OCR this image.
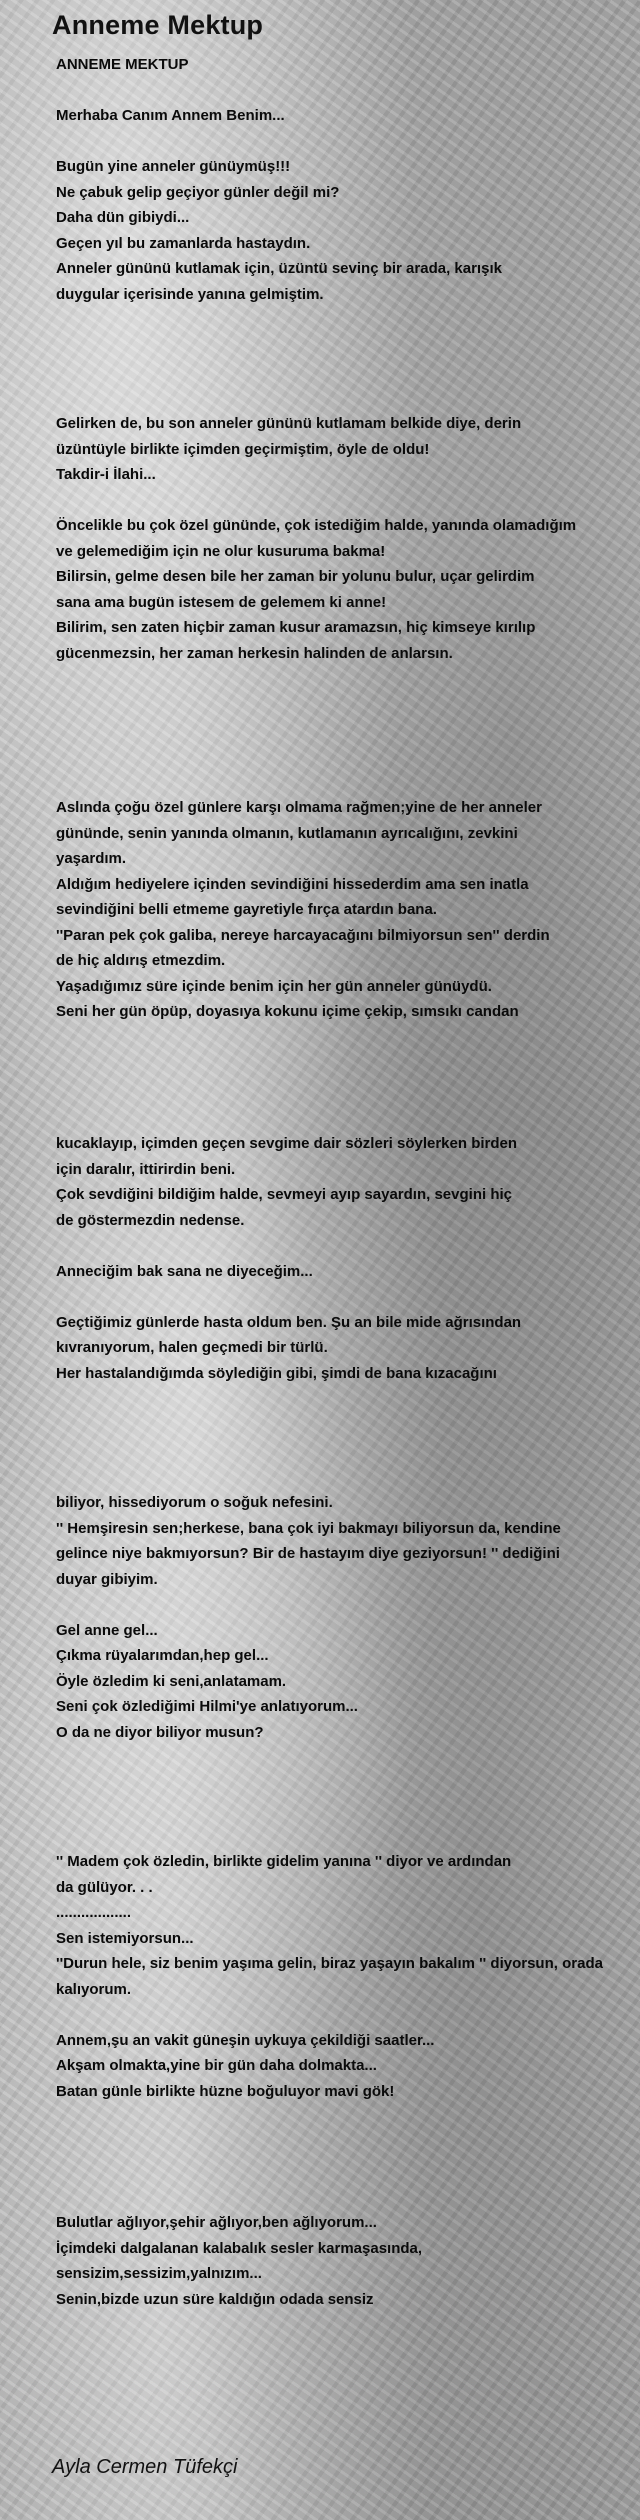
Anneme Mektup
ANNEME MEKTUP
Merhaba Canım Annem Benim...
Bugün yine anneler günüymüş!!!
Ne çabuk gelip geçiyor günler değil mi?
Daha dün gibiydi...
Geçen yıl bu zamanlarda hastaydın.
Anneler gününü kutlamak için, üzüntü sevinç bir arada, karışık
duygular içerisinde yanına gelmiştim.
Gelirken de, bu son anneler gününü kutlamam belkide diye, derin
üzüntüyle birlikte içimden geçirmiştim, öyle de oldu!
Takdir-i İlahi...
Öncelikle bu çok özel gününde, çok istediğim halde, yanında olamadığım
ve gelemediğim için ne olur kusuruma bakma!
Bilirsin, gelme desen bile her zaman bir yolunu bulur, uçar gelirdim
sana ama bugün istesem de gelemem ki anne!
Bilirim, sen zaten hiçbir zaman kusur aramazsın, hiç kimseye kırılıp
gücenmezsin, her zaman herkesin halinden de anlarsın.
Aslında çoğu özel günlere karşı olmama rağmen;yine de her anneler
gününde, senin yanında olmanın, kutlamanın ayrıcalığını, zevkini
yaşardım.
Aldığım hediyelere içinden sevindiğini hissederdim ama sen inatla
sevindiğini belli etmeme gayretiyle fırça atardın bana.
''Paran pek çok galiba, nereye harcayacağını bilmiyorsun sen'' derdin
de hiç aldırış etmezdim.
Yaşadığımız süre içinde benim için her gün anneler günüydü.
Seni her gün öpüp, doyasıya kokunu içime çekip, sımsıkı candan
kucaklayıp, içimden geçen sevgime dair sözleri söylerken birden
için daralır, ittirirdin beni.
Çok sevdiğini bildiğim halde, sevmeyi ayıp sayardın, sevgini hiç
de göstermezdin nedense.
Anneciğim bak sana ne diyeceğim...
Geçtiğimiz günlerde hasta oldum ben. Şu an bile mide ağrısından
kıvranıyorum, halen geçmedi bir türlü.
Her hastalandığımda söylediğin gibi, şimdi de bana kızacağını
biliyor, hissediyorum o soğuk nefesini.
'' Hemşiresin sen;herkese, bana çok iyi bakmayı biliyorsun da, kendine
gelince niye bakmıyorsun? Bir de hastayım diye geziyorsun! '' dediğini
duyar gibiyim.
Gel anne gel...
Çıkma rüyalarımdan,hep gel...
Öyle özledim ki seni,anlatamam.
Seni çok özlediğimi Hilmi'ye anlatıyorum...
O da ne diyor biliyor musun?
'' Madem çok özledin, birlikte gidelim yanına '' diyor ve ardından
da gülüyor. . .
..................
Sen istemiyorsun...
''Durun hele, siz benim yaşıma gelin, biraz yaşayın bakalım '' diyorsun, orada
kalıyorum.
Annem,şu an vakit güneşin uykuya çekildiği saatler...
Akşam olmakta,yine bir gün daha dolmakta...
Batan günle birlikte hüzne boğuluyor mavi gök!
Bulutlar ağlıyor,şehir ağlıyor,ben ağlıyorum...
İçimdeki dalgalanan kalabalık sesler karmaşasında,
sensizim,sessizim,yalnızım...
Senin,bizde uzun süre kaldığın odada sensiz
Ayla Cermen Tüfekçi
